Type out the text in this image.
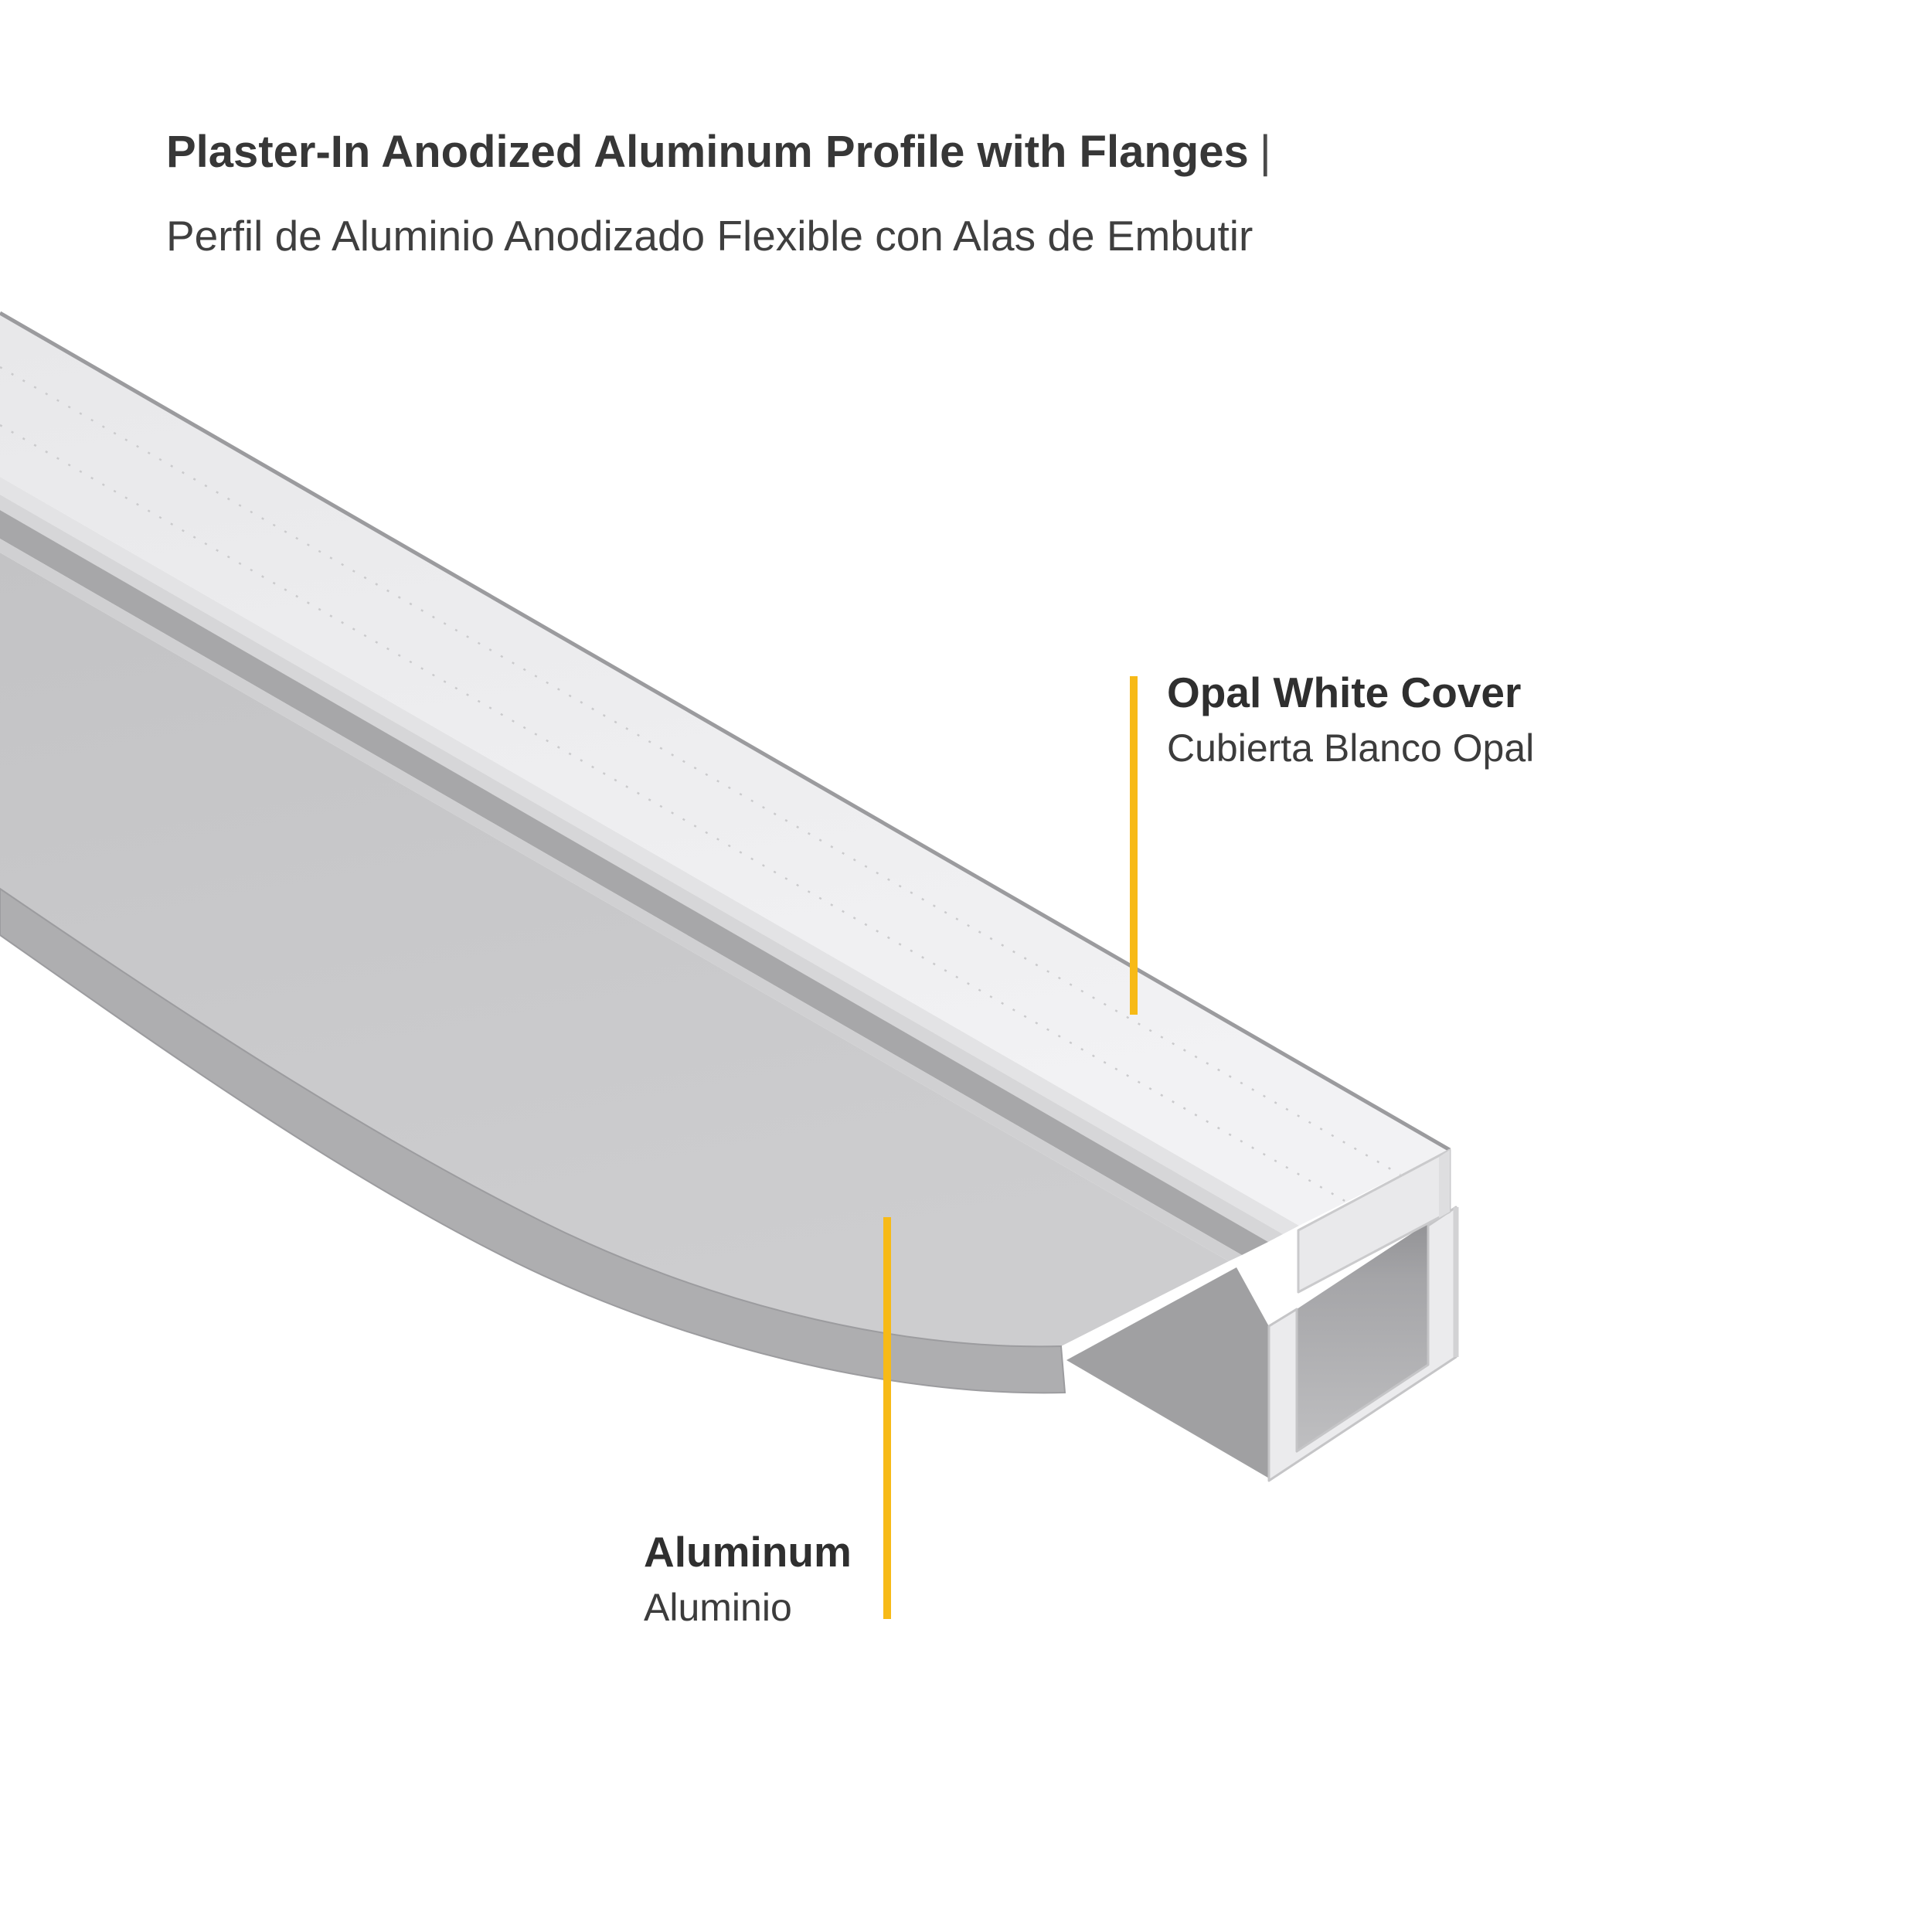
Plaster-In Anodized Aluminum Profile with Flanges |
Perfil de Aluminio Anodizado Flexible con Alas de Embutir
Opal White Cover
Cubierta Blanco Opal
Aluminum
Aluminio
